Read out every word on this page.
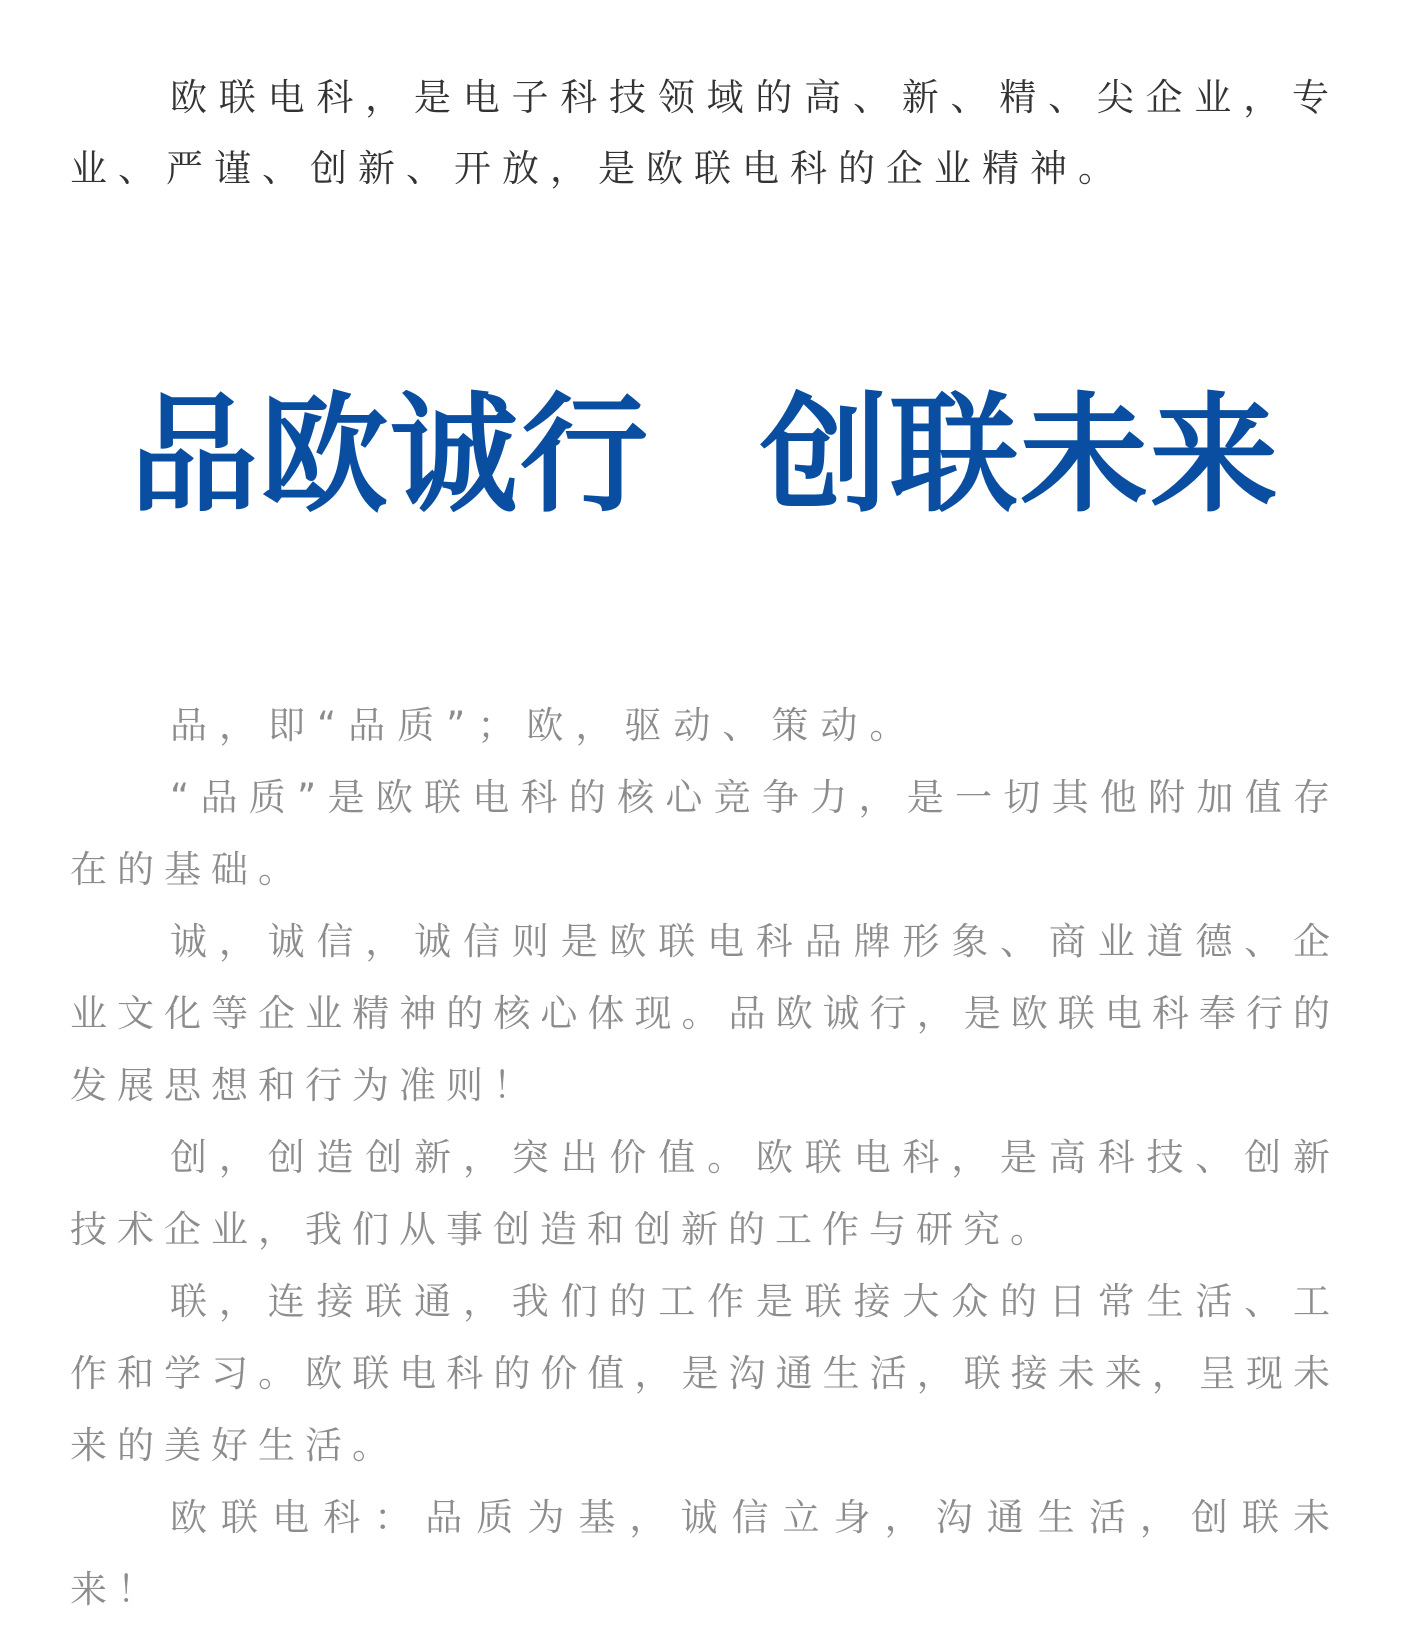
欧联电科，是电子科技领域的高、新、精、尖企业，专业、严谨、创新、开放，是欧联电科的企业精神。

品欧诚行 创联未来

品，即“品质”；欧，驱动、策动。

“品质”是欧联电科的核心竞争力，是一切其他附加值存在的基础。

诚，诚信，诚信则是欧联电科品牌形象、商业道德、企业文化等企业精神的核心体现。品欧诚行，是欧联电科奉行的发展思想和行为准则！

创，创造创新，突出价值。欧联电科，是高科技、创新技术企业，我们从事创造和创新的工作与研究。

联，连接联通，我们的工作是联接大众的日常生活、工作和学习。欧联电科的价值，是沟通生活，联接未来，呈现未来的美好生活。

欧联电科：品质为基，诚信立身，沟通生活，创联未来！
